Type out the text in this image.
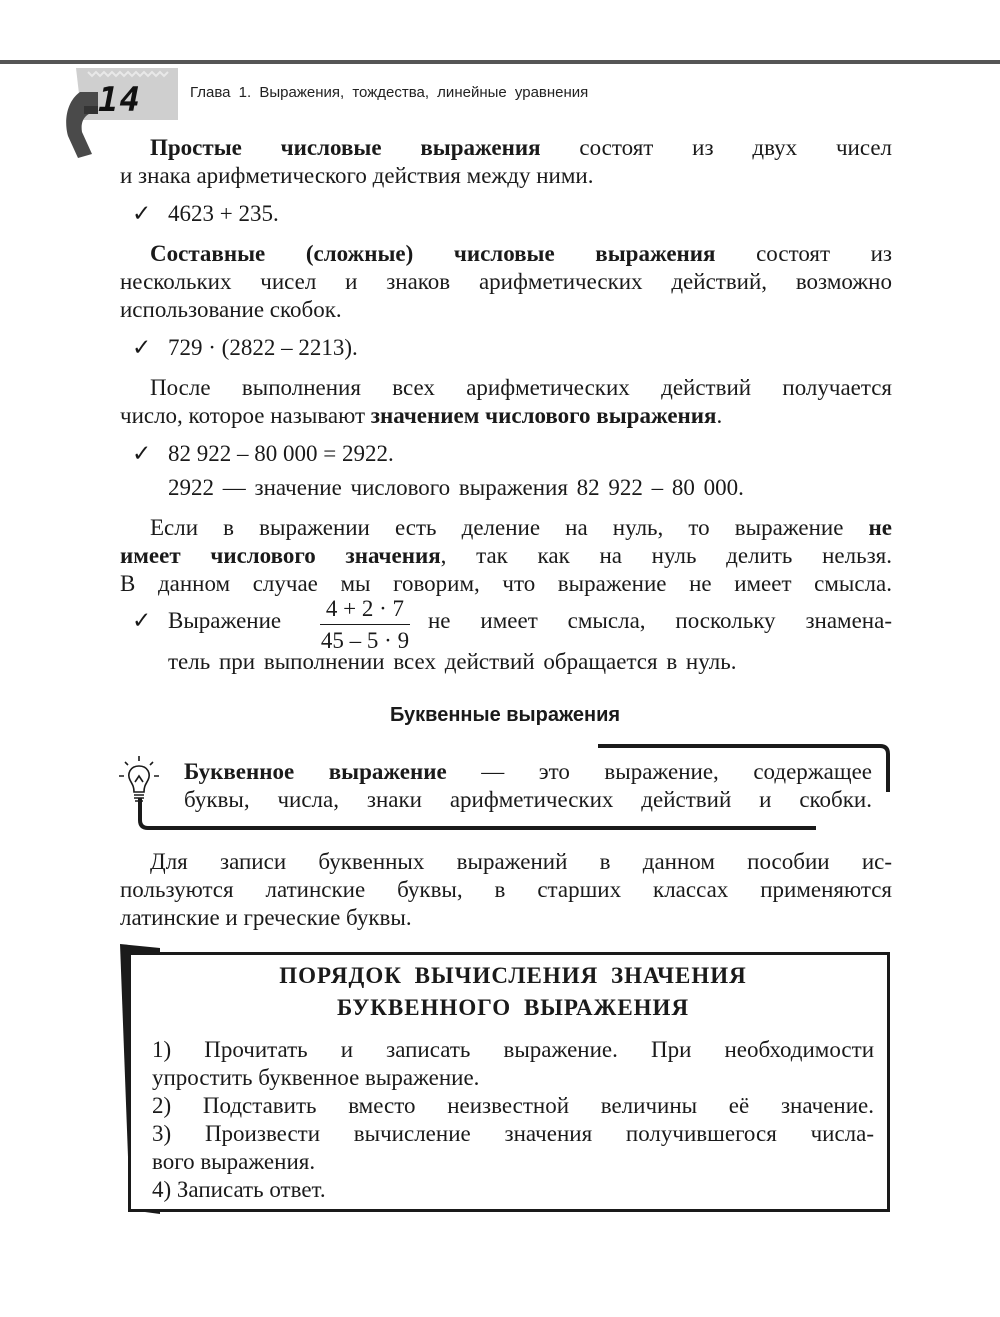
14	Глава 1. Выражения, тождества, линейные уравнения
Простые числовые выражения состоят из двух чисел
и знака арифметического действия между ними.
✓ 4623 + 235.
Составные (сложные) числовые выражения состоят из
нескольких чисел и знаков арифметических действий, возможно
использование скобок.
✓ 729 · (2822 – 2213).
После выполнения всех арифметических действий получается
число, которое называют значением числового выражения.
✓ 82 922 – 80 000 = 2922.
2922 — значение числового выражения 82 922 – 80 000.
Если в выражении есть деление на нуль, то выражение не
имеет числового значения, так как на нуль делить нельзя.
В данном случае мы говорим, что выражение не имеет смысла.
✓ Выражение $\frac{4 + 2 \cdot 7}{45 - 5 \cdot 9}$ не имеет смысла, поскольку знамена-
тель при выполнении всех действий обращается в нуль.
Буквенные выражения
Буквенное выражение — это выражение, содержащее
буквы, числа, знаки арифметических действий и скобки.
Для записи буквенных выражений в данном пособии ис-
пользуются латинские буквы, в старших классах применяются
латинские и греческие буквы.
ПОРЯДОК ВЫЧИСЛЕНИЯ ЗНАЧЕНИЯ
БУКВЕННОГО ВЫРАЖЕНИЯ
1) Прочитать и записать выражение. При необходимости
упростить буквенное выражение.
2) Подставить вместо неизвестной величины её значение.
3) Произвести вычисление значения получившегося числа-
вого выражения.
4) Записать ответ.
